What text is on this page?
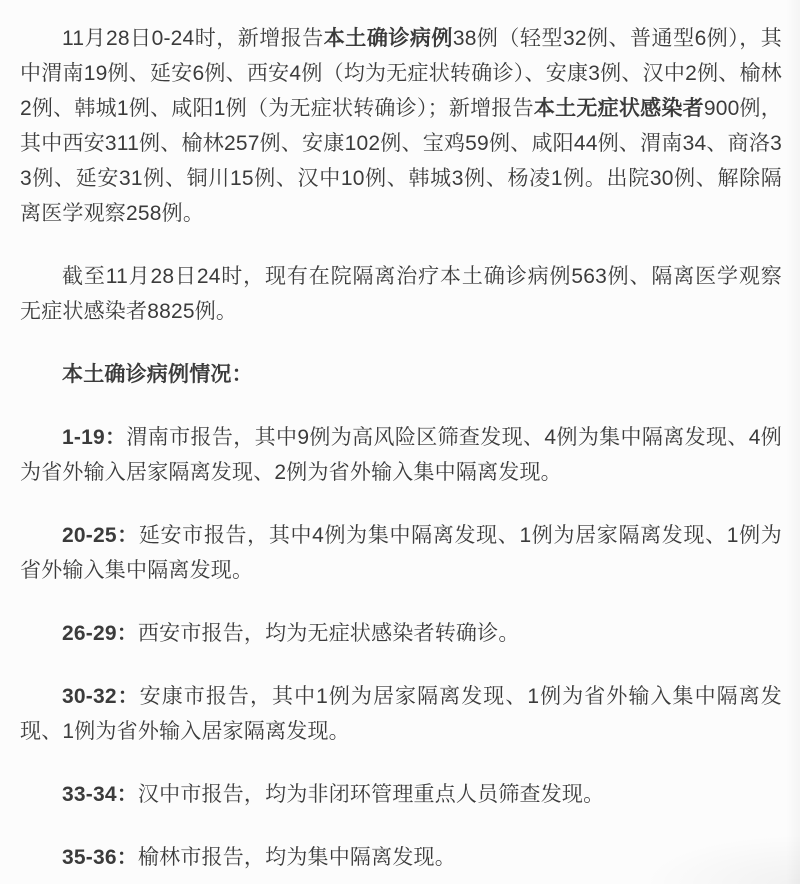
11月28日0-24时，新增报告本土确诊病例38例（轻型32例、普通型6例），其中渭南19例、延安6例、西安4例（均为无症状转确诊）、安康3例、汉中2例、榆林2例、韩城1例、咸阳1例（为无症状转确诊）；新增报告本土无症状感染者900例，其中西安311例、榆林257例、安康102例、宝鸡59例、咸阳44例、渭南34、商洛33例、延安31例、铜川15例、汉中10例、韩城3例、杨凌1例。出院30例、解除隔离医学观察258例。

截至11月28日24时，现有在院隔离治疗本土确诊病例563例、隔离医学观察无症状感染者8825例。

本土确诊病例情况：

1-19：渭南市报告，其中9例为高风险区筛查发现、4例为集中隔离发现、4例为省外输入居家隔离发现、2例为省外输入集中隔离发现。

20-25：延安市报告，其中4例为集中隔离发现、1例为居家隔离发现、1例为省外输入集中隔离发现。

26-29：西安市报告，均为无症状感染者转确诊。

30-32：安康市报告，其中1例为居家隔离发现、1例为省外输入集中隔离发现、1例为省外输入居家隔离发现。

33-34：汉中市报告，均为非闭环管理重点人员筛查发现。

35-36：榆林市报告，均为集中隔离发现。
